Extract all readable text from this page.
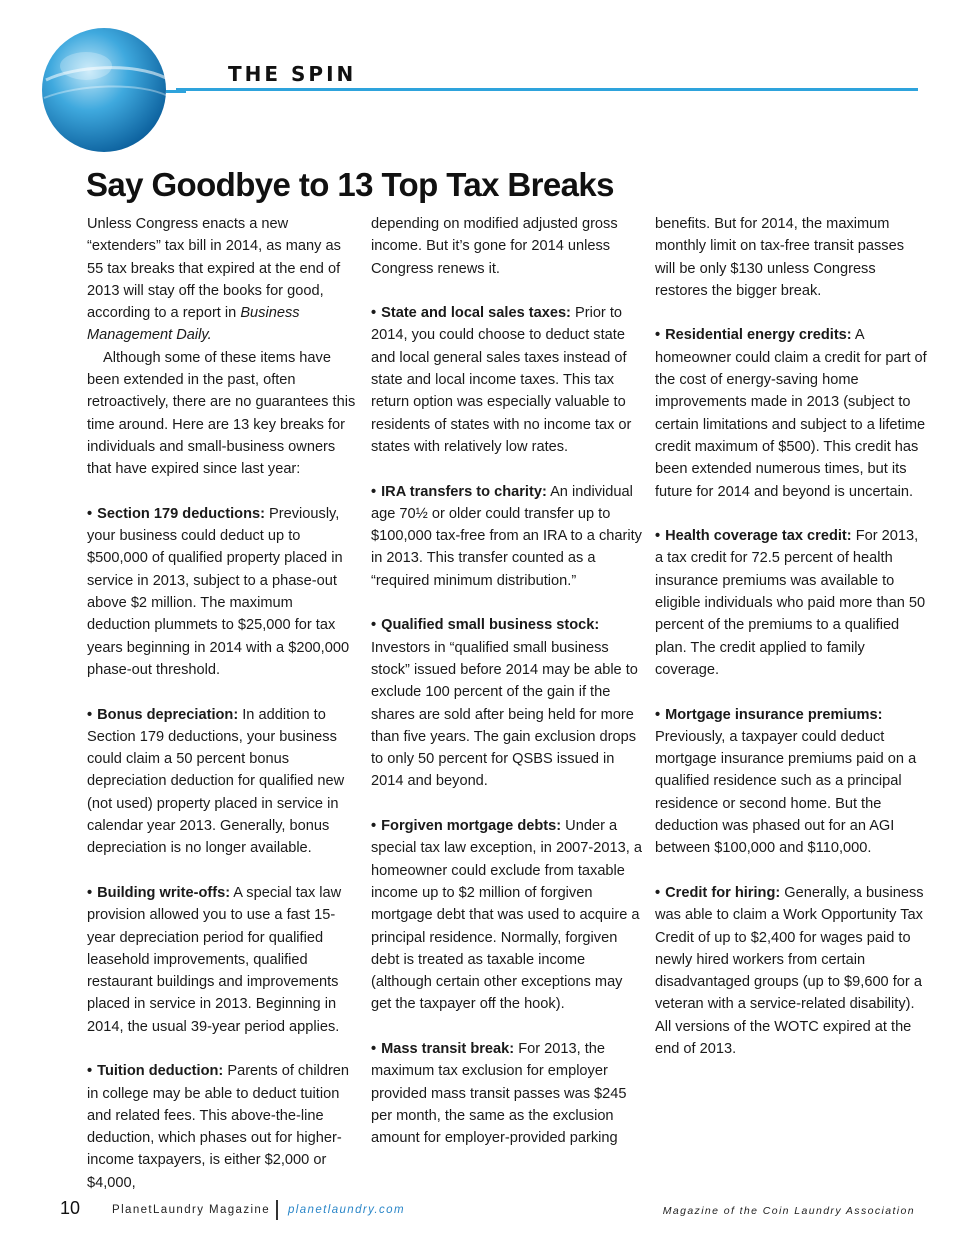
THE SPIN
Say Goodbye to 13 Top Tax Breaks

Unless Congress enacts a new “extenders” tax bill in 2014, as many as 55 tax breaks that expired at the end of 2013 will stay off the books for good, according to a report in Business Management Daily.

Although some of these items have been extended in the past, often retroactively, there are no guarantees this time around. Here are 13 key breaks for individuals and small-business owners that have expired since last year:

• Section 179 deductions: Previously, your business could deduct up to $500,000 of qualified property placed in service in 2013, subject to a phase-out above $2 million. The maximum deduction plummets to $25,000 for tax years beginning in 2014 with a $200,000 phase-out threshold.

• Bonus depreciation: In addition to Section 179 deductions, your business could claim a 50 percent bonus depreciation deduction for qualified new (not used) property placed in service in calendar year 2013. Generally, bonus depreciation is no longer available.

• Building write-offs: A special tax law provision allowed you to use a fast 15-year depreciation period for qualified leasehold improvements, qualified restaurant buildings and improvements placed in service in 2013. Beginning in 2014, the usual 39-year period applies.

• Tuition deduction: Parents of children in college may be able to deduct tuition and related fees. This above-the-line deduction, which phases out for higher-income taxpayers, is either $2,000 or $4,000,

depending on modified adjusted gross income. But it’s gone for 2014 unless Congress renews it.

• State and local sales taxes: Prior to 2014, you could choose to deduct state and local general sales taxes instead of state and local income taxes. This tax return option was especially valuable to residents of states with no income tax or states with relatively low rates.

• IRA transfers to charity: An individual age 70½ or older could transfer up to $100,000 tax-free from an IRA to a charity in 2013. This transfer counted as a “required minimum distribution.”

• Qualified small business stock: Investors in “qualified small business stock” issued before 2014 may be able to exclude 100 percent of the gain if the shares are sold after being held for more than five years. The gain exclusion drops to only 50 percent for QSBS issued in 2014 and beyond.

• Forgiven mortgage debts: Under a special tax law exception, in 2007-2013, a homeowner could exclude from taxable income up to $2 million of forgiven mortgage debt that was used to acquire a principal residence. Normally, forgiven debt is treated as taxable income (although certain other exceptions may get the taxpayer off the hook).

• Mass transit break: For 2013, the maximum tax exclusion for employer provided mass transit passes was $245 per month, the same as the exclusion amount for employer-provided parking

benefits. But for 2014, the maximum monthly limit on tax-free transit passes will be only $130 unless Congress restores the bigger break.

• Residential energy credits: A homeowner could claim a credit for part of the cost of energy-saving home improvements made in 2013 (subject to certain limitations and subject to a lifetime credit maximum of $500). This credit has been extended numerous times, but its future for 2014 and beyond is uncertain.

• Health coverage tax credit: For 2013, a tax credit for 72.5 percent of health insurance premiums was available to eligible individuals who paid more than 50 percent of the premiums to a qualified plan. The credit applied to family coverage.

• Mortgage insurance premiums: Previously, a taxpayer could deduct mortgage insurance premiums paid on a qualified residence such as a principal residence or second home. But the deduction was phased out for an AGI between $100,000 and $110,000.

• Credit for hiring: Generally, a business was able to claim a Work Opportunity Tax Credit of up to $2,400 for wages paid to newly hired workers from certain disadvantaged groups (up to $9,600 for a veteran with a service-related disability). All versions of the WOTC expired at the end of 2013.

10	PlanetLaundry Magazine planetlaundry.com	Magazine of the Coin Laundry Association
